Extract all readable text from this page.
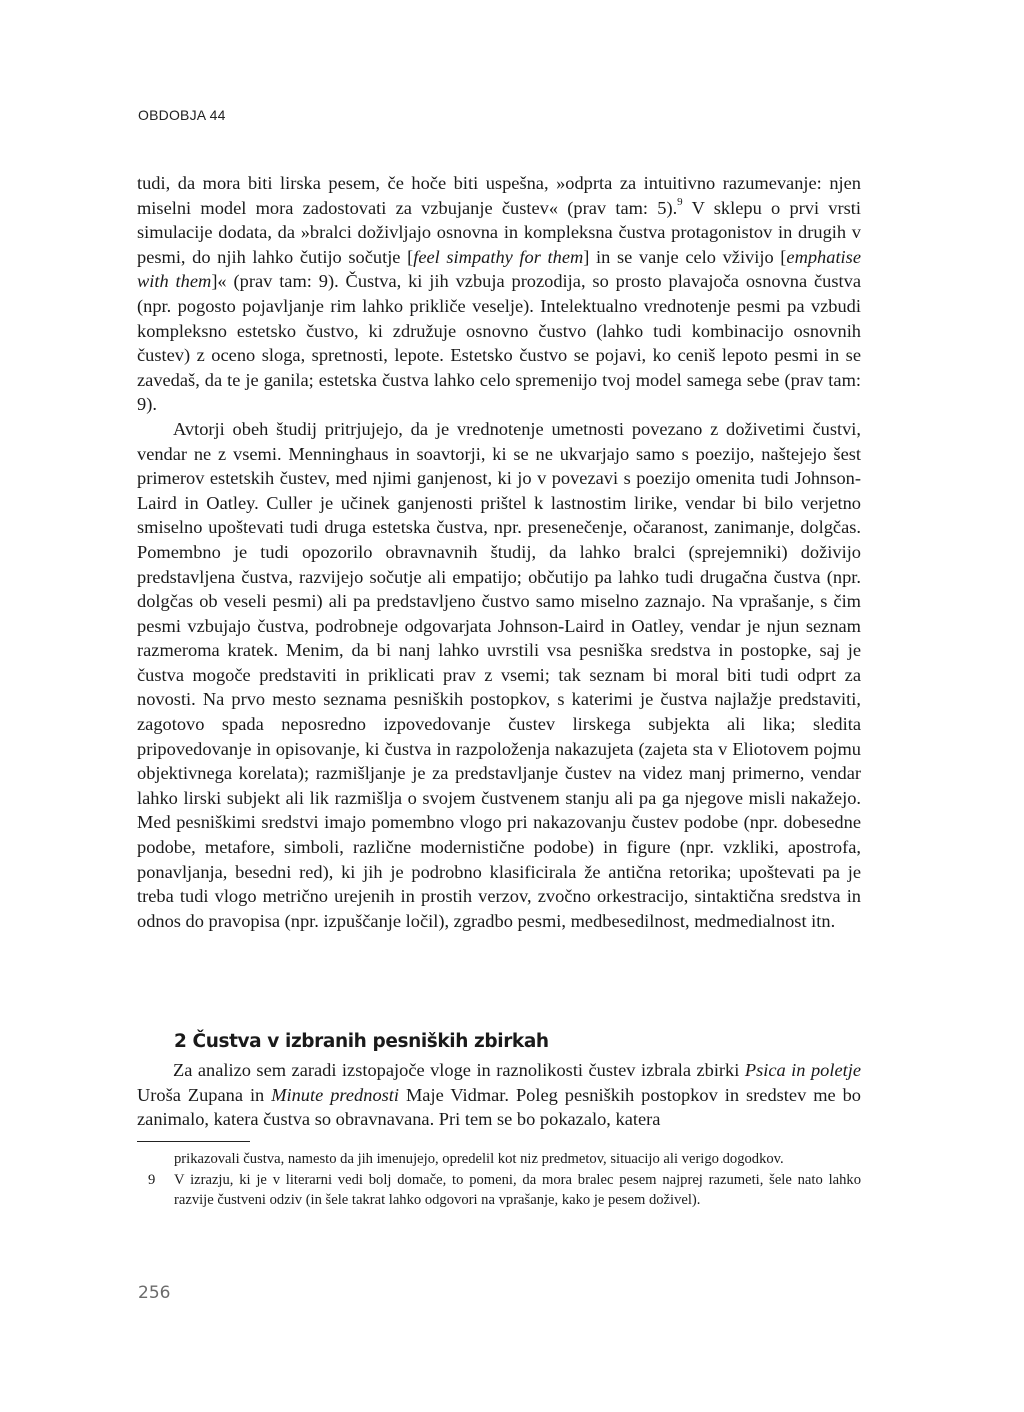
OBDOBJA 44

tudi, da mora biti lirska pesem, če hoče biti uspešna, »odprta za intuitivno razumevanje: njen miselni model mora zadostovati za vzbujanje čustev« (prav tam: 5).$^9$ V sklepu o prvi vrsti simulacije dodata, da »bralci doživljajo osnovna in kompleksna čustva protagonistov in drugih v pesmi, do njih lahko čutijo sočutje [feel simpathy for them] in se vanje celo vživijo [emphatise with them]« (prav tam: 9). Čustva, ki jih vzbuja prozodija, so prosto plavajoča osnovna čustva (npr. pogosto pojavljanje rim lahko prikliče veselje). Intelektualno vrednotenje pesmi pa vzbudi kompleksno estetsko čustvo, ki združuje osnovno čustvo (lahko tudi kombinacijo osnovnih čustev) z oceno sloga, spretnosti, lepote. Estetsko čustvo se pojavi, ko ceniš lepoto pesmi in se zavedaš, da te je ganila; estetska čustva lahko celo spremenijo tvoj model samega sebe (prav tam: 9).

Avtorji obeh študij pritrjujejo, da je vrednotenje umetnosti povezano z doživetimi čustvi, vendar ne z vsemi. Menninghaus in soavtorji, ki se ne ukvarjajo samo s poezijo, naštejejo šest primerov estetskih čustev, med njimi ganjenost, ki jo v povezavi s poezijo omenita tudi Johnson-Laird in Oatley. Culler je učinek ganjenosti prištel k lastnostim lirike, vendar bi bilo verjetno smiselno upoštevati tudi druga estetska čustva, npr. presenečenje, očaranost, zanimanje, dolgčas. Pomembno je tudi opozorilo obravnavnih študij, da lahko bralci (sprejemniki) doživijo predstavljena čustva, razvijejo sočutje ali empatijo; občutijo pa lahko tudi drugačna čustva (npr. dolgčas ob veseli pesmi) ali pa predstavljeno čustvo samo miselno zaznajo. Na vprašanje, s čim pesmi vzbujajo čustva, podrobneje odgovarjata Johnson-Laird in Oatley, vendar je njun seznam razmeroma kratek. Menim, da bi nanj lahko uvrstili vsa pesniška sredstva in postopke, saj je čustva mogoče predstaviti in priklicati prav z vsemi; tak seznam bi moral biti tudi odprt za novosti. Na prvo mesto seznama pesniških postopkov, s katerimi je čustva najlažje predstaviti, zagotovo spada neposredno izpovedovanje čustev lirskega subjekta ali lika; sledita pripovedovanje in opisovanje, ki čustva in razpoloženja nakazujeta (zajeta sta v Eliotovem pojmu objektivnega korelata); razmišljanje je za predstavljanje čustev na videz manj primerno, vendar lahko lirski subjekt ali lik razmišlja o svojem čustvenem stanju ali pa ga njegove misli nakažejo. Med pesniškimi sredstvi imajo pomembno vlogo pri nakazovanju čustev podobe (npr. dobesedne podobe, metafore, simboli, različne modernistične podobe) in figure (npr. vzkliki, apostrofa, ponavljanja, besedni red), ki jih je podrobno klasificirala že antična retorika; upoštevati pa je treba tudi vlogo metrično urejenih in prostih verzov, zvočno orkestracijo, sintaktična sredstva in odnos do pravopisa (npr. izpuščanje ločil), zgradbo pesmi, medbesedilnost, medmedialnost itn.

2 Čustva v izbranih pesniških zbirkah

Za analizo sem zaradi izstopajoče vloge in raznolikosti čustev izbrala zbirki Psica in poletje Uroša Zupana in Minute prednosti Maje Vidmar. Poleg pesniških postopkov in sredstev me bo zanimalo, katera čustva so obravnavana. Pri tem se bo pokazalo, katera

prikazovali čustva, namesto da jih imenujejo, opredelil kot niz predmetov, situacijo ali verigo dogodkov.
9 V izrazju, ki je v literarni vedi bolj domače, to pomeni, da mora bralec pesem najprej razumeti, šele nato lahko razvije čustveni odziv (in šele takrat lahko odgovori na vprašanje, kako je pesem doživel).
256
